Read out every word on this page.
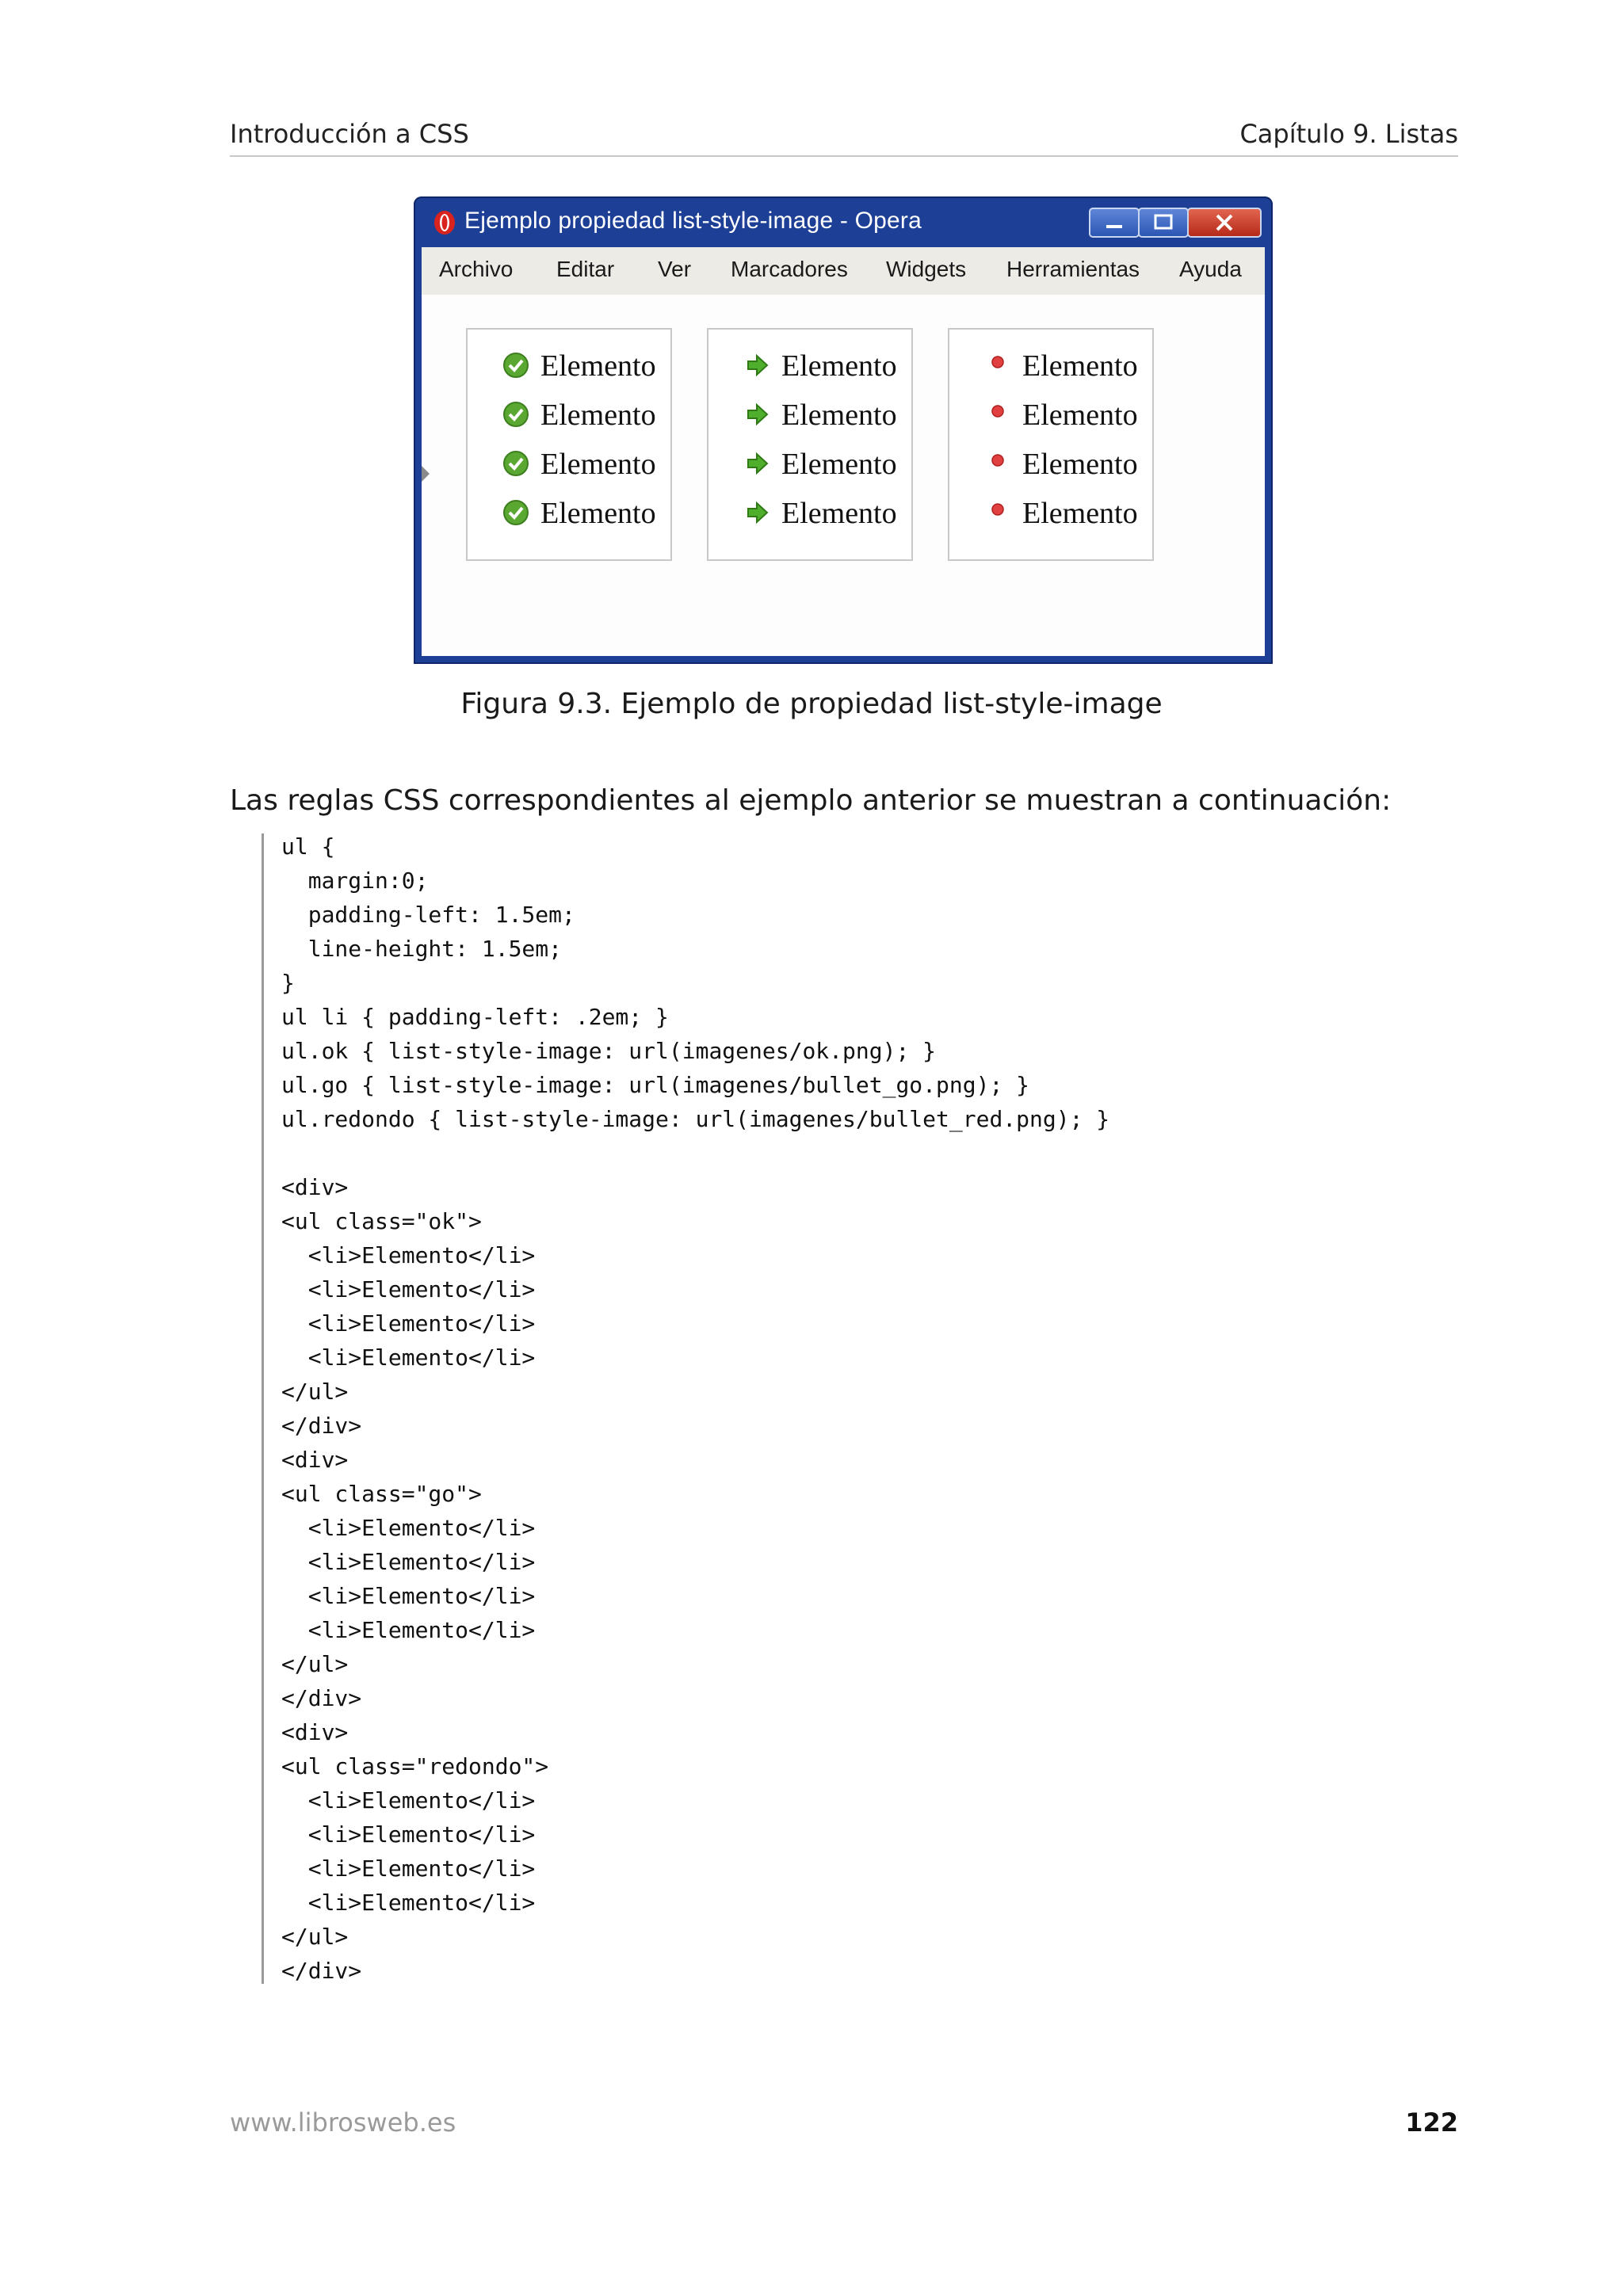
Introducción a CSS	Capítulo 9. Listas
Ejemplo propiedad list-style-image - Opera
Archivo Editar Ver Marcadores Widgets Herramientas Ayuda
Elemento
Elemento
Elemento
Elemento
Elemento
Elemento
Elemento
Elemento
Elemento
Elemento
Elemento
Elemento
Figura 9.3. Ejemplo de propiedad list-style-image
Las reglas CSS correspondientes al ejemplo anterior se muestran a continuación:
ul {
margin:0;
padding-left: 1.5em;
line-height: 1.5em;
}
ul li { padding-left: .2em; }
ul.ok { list-style-image: url(imagenes/ok.png); }
ul.go { list-style-image: url(imagenes/bullet_go.png); }
ul.redondo { list-style-image: url(imagenes/bullet_red.png); }
<div>
<ul class="ok">
<li>Elemento</li>
<li>Elemento</li>
<li>Elemento</li>
<li>Elemento</li>
</ul>
</div>
<div>
<ul class="go">
<li>Elemento</li>
<li>Elemento</li>
<li>Elemento</li>
<li>Elemento</li>
</ul>
</div>
<div>
<ul class="redondo">
<li>Elemento</li>
<li>Elemento</li>
<li>Elemento</li>
<li>Elemento</li>
</ul>
</div>
www.librosweb.es	122
